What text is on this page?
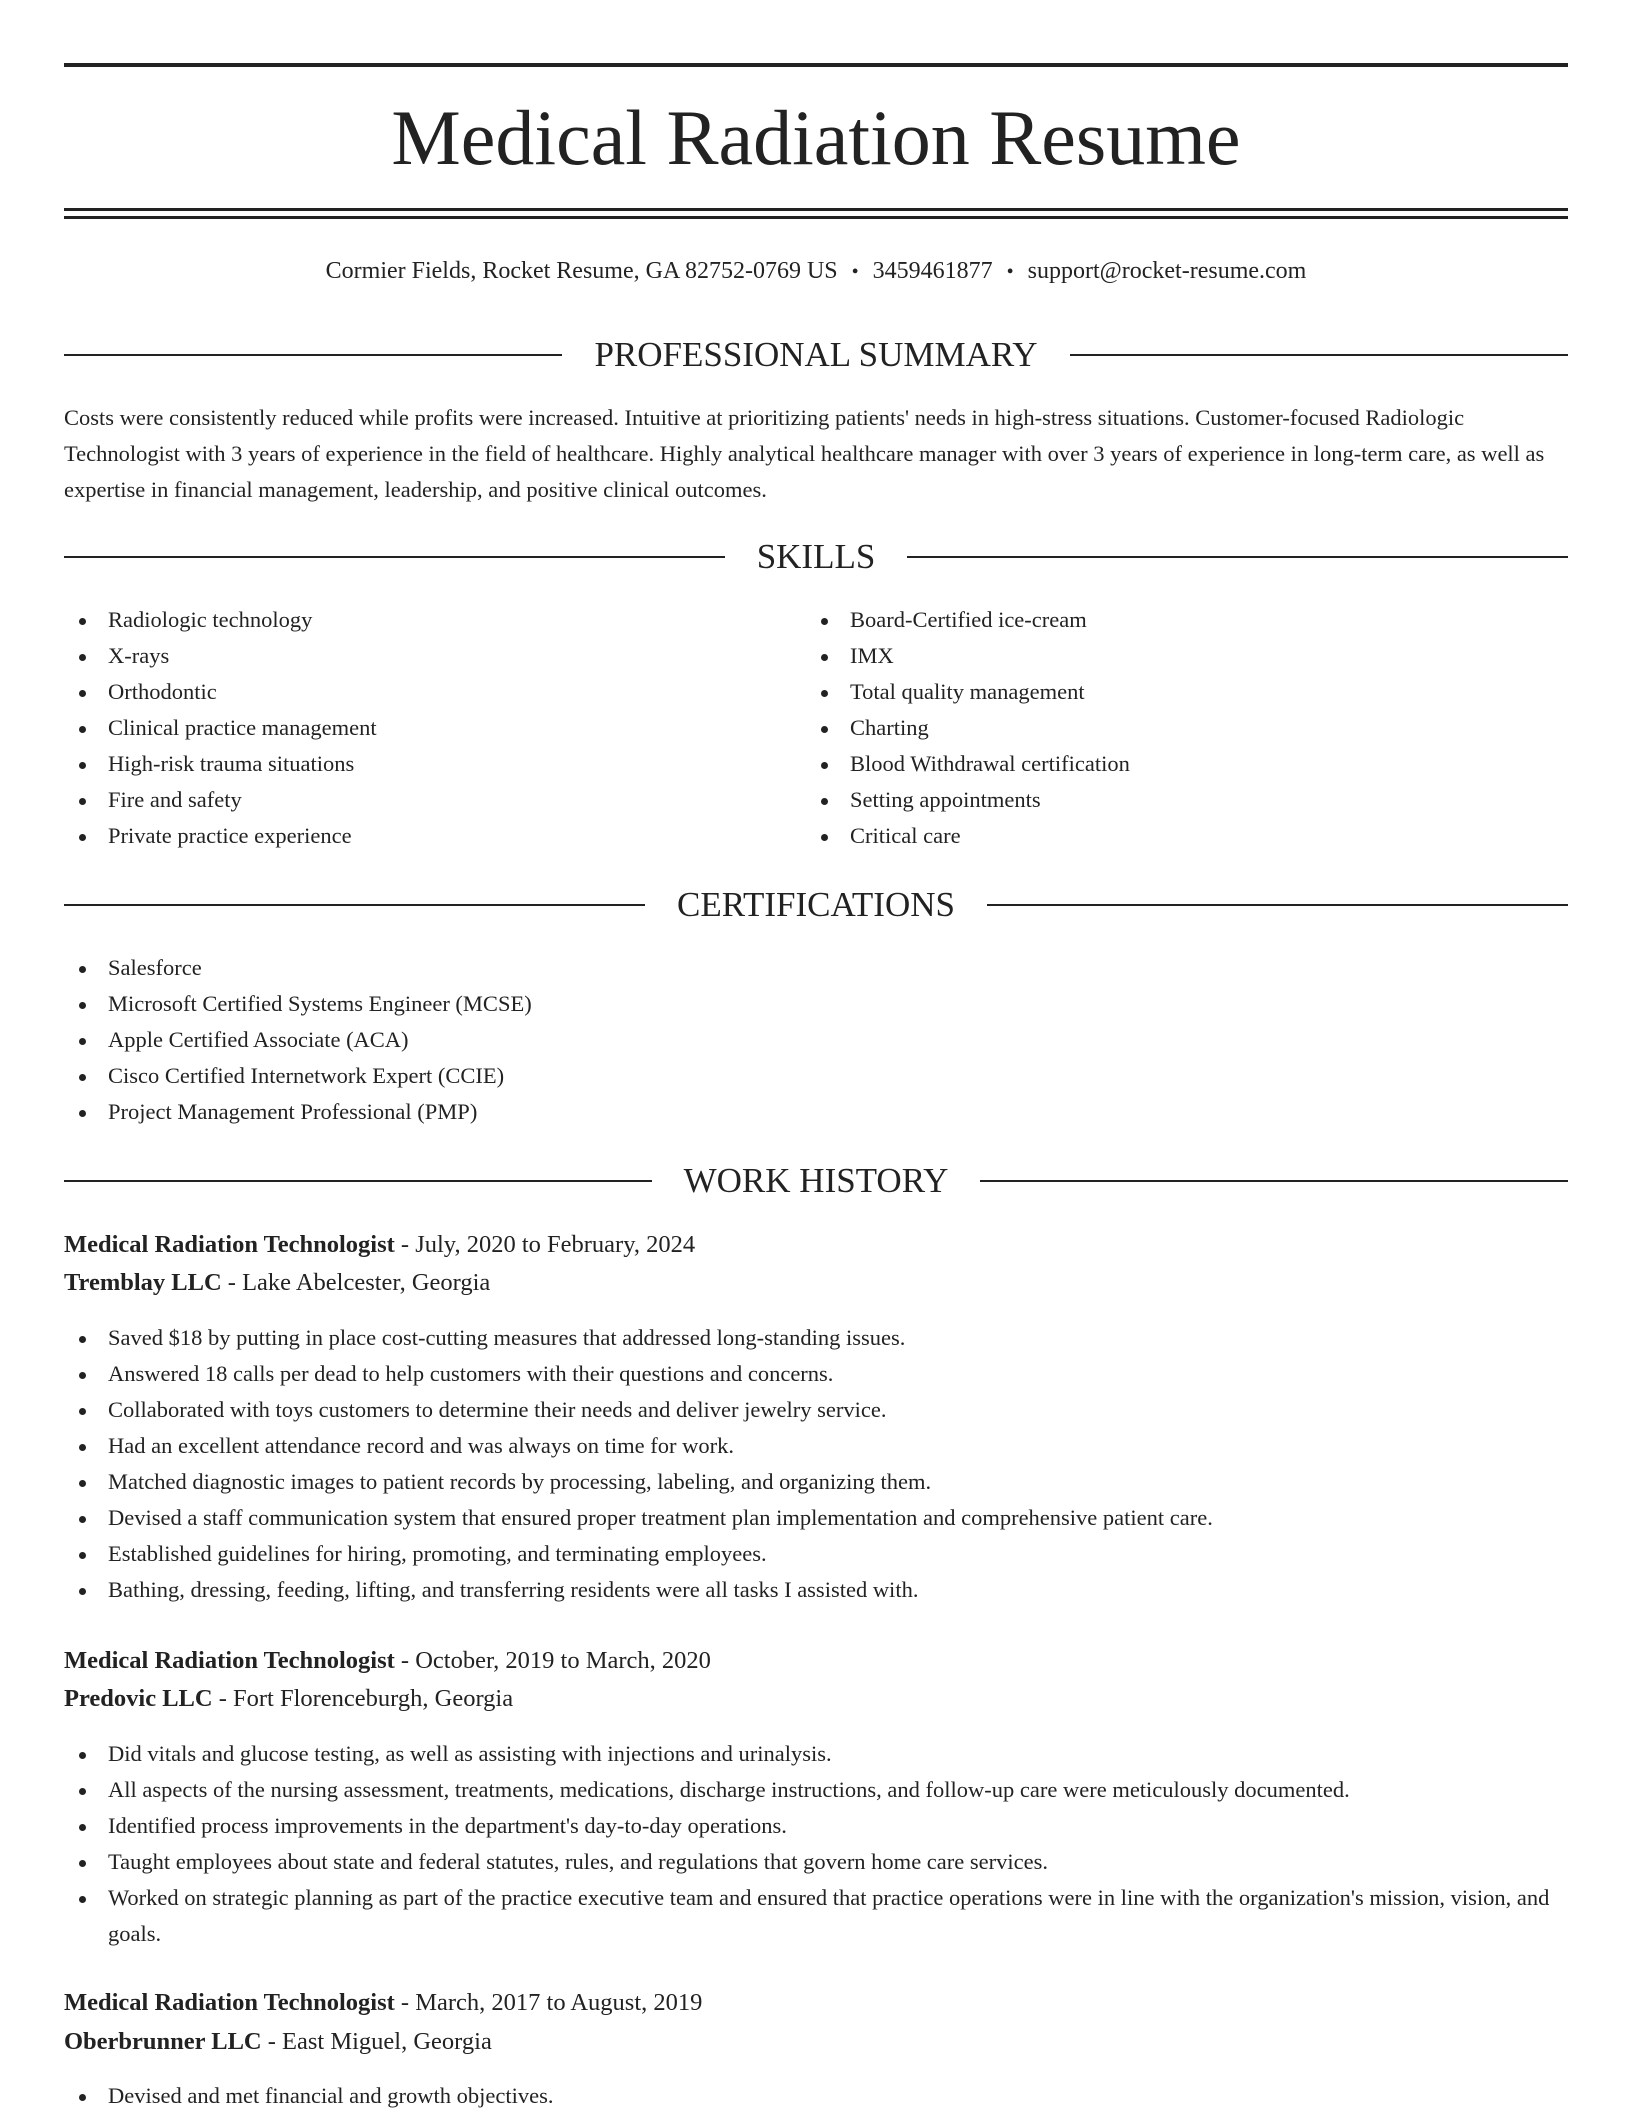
Medical Radiation Resume
Cormier Fields, Rocket Resume, GA 82752-0769 US • 3459461877 • support@rocket-resume.com
PROFESSIONAL SUMMARY

Costs were consistently reduced while profits were increased. Intuitive at prioritizing patients' needs in high-stress situations. Customer-focused Radiologic Technologist with 3 years of experience in the field of healthcare. Highly analytical healthcare manager with over 3 years of experience in long-term care, as well as expertise in financial management, leadership, and positive clinical outcomes.

SKILLS
Radiologic technology
X-rays
Orthodontic
Clinical practice management
High-risk trauma situations
Fire and safety
Private practice experience
Board-Certified ice-cream
IMX
Total quality management
Charting
Blood Withdrawal certification
Setting appointments
Critical care
CERTIFICATIONS
Salesforce
Microsoft Certified Systems Engineer (MCSE)
Apple Certified Associate (ACA)
Cisco Certified Internetwork Expert (CCIE)
Project Management Professional (PMP)
WORK HISTORY
Medical Radiation Technologist - July, 2020 to February, 2024
Tremblay LLC - Lake Abelcester, Georgia
Saved $18 by putting in place cost-cutting measures that addressed long-standing issues.
Answered 18 calls per dead to help customers with their questions and concerns.
Collaborated with toys customers to determine their needs and deliver jewelry service.
Had an excellent attendance record and was always on time for work.
Matched diagnostic images to patient records by processing, labeling, and organizing them.
Devised a staff communication system that ensured proper treatment plan implementation and comprehensive patient care.
Established guidelines for hiring, promoting, and terminating employees.
Bathing, dressing, feeding, lifting, and transferring residents were all tasks I assisted with.
Medical Radiation Technologist - October, 2019 to March, 2020
Predovic LLC - Fort Florenceburgh, Georgia
Did vitals and glucose testing, as well as assisting with injections and urinalysis.
All aspects of the nursing assessment, treatments, medications, discharge instructions, and follow-up care were meticulously documented.
Identified process improvements in the department's day-to-day operations.
Taught employees about state and federal statutes, rules, and regulations that govern home care services.
Worked on strategic planning as part of the practice executive team and ensured that practice operations were in line with the organization's mission, vision, and goals.
Medical Radiation Technologist - March, 2017 to August, 2019
Oberbrunner LLC - East Miguel, Georgia
Devised and met financial and growth objectives.
